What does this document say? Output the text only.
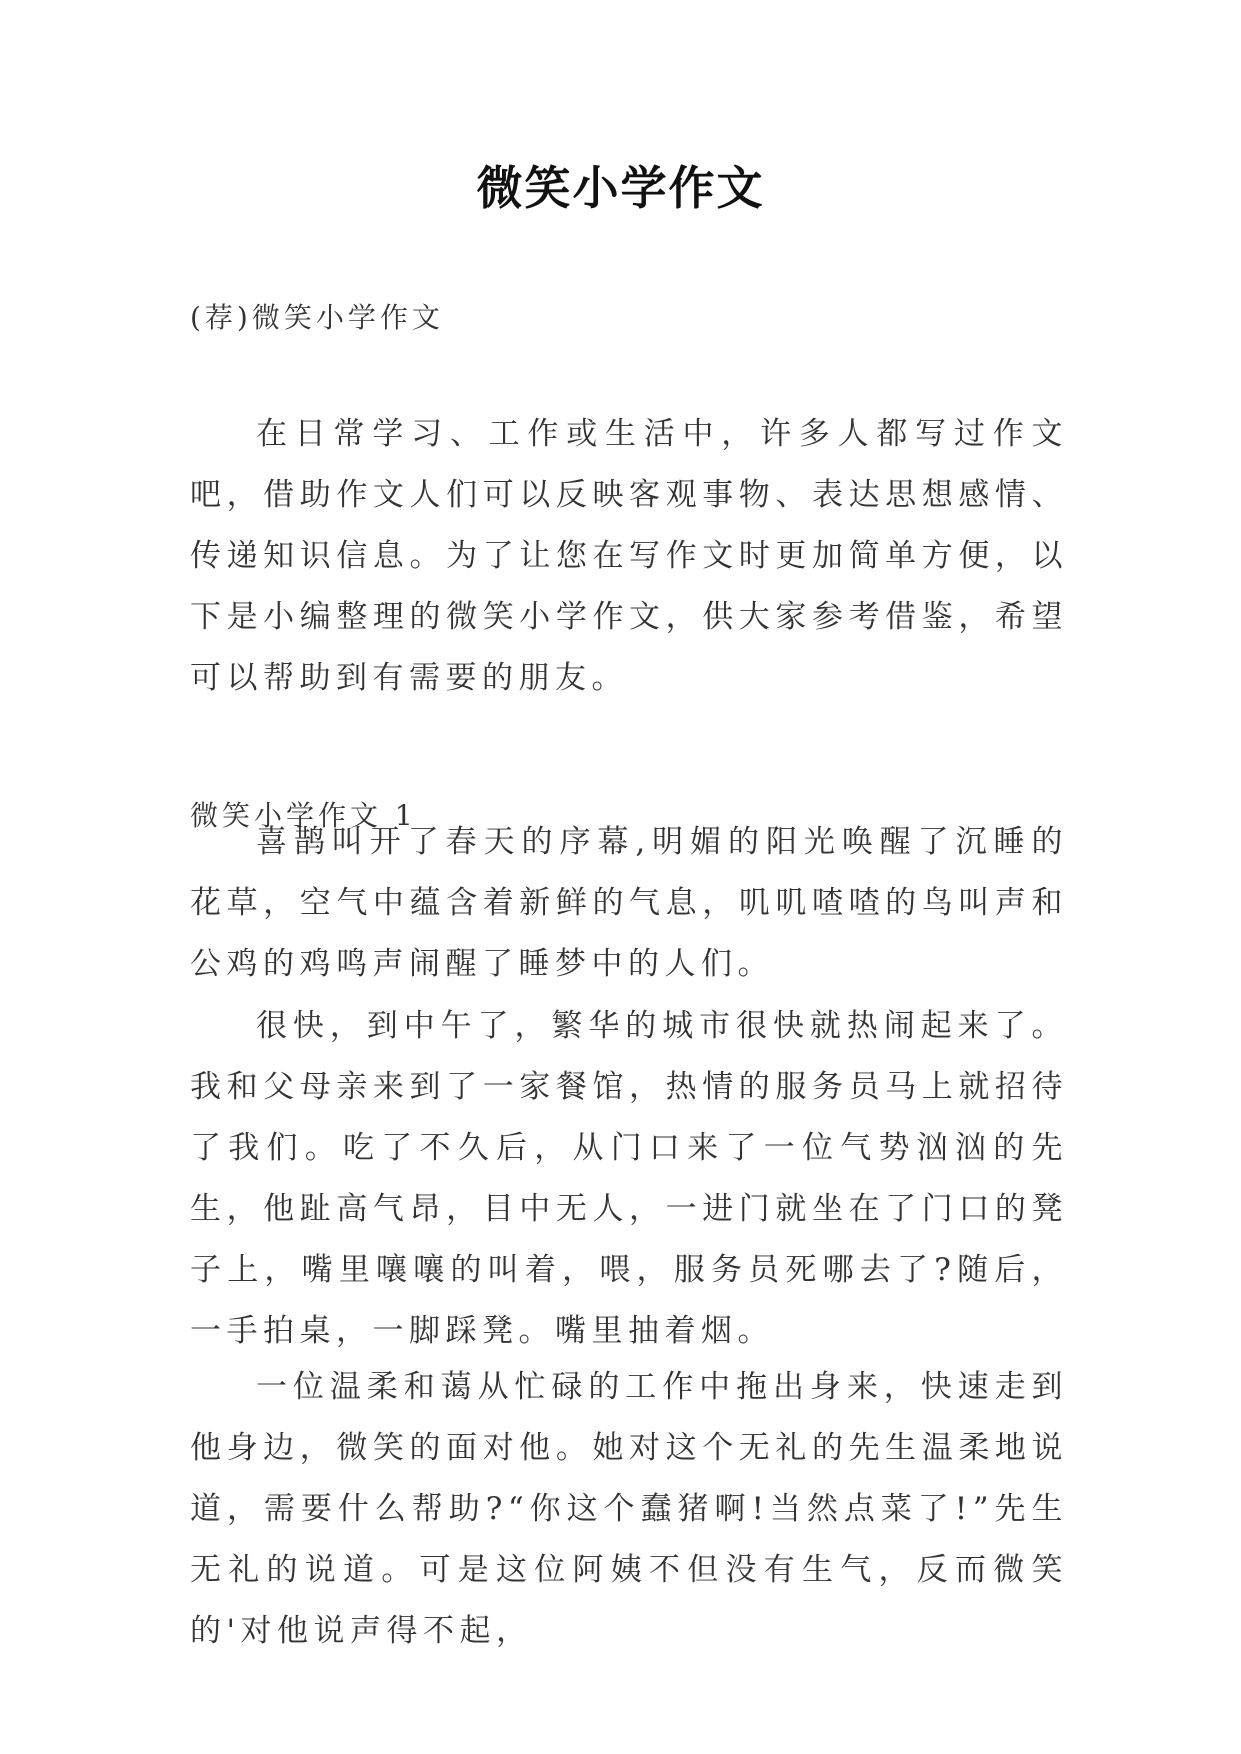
微笑小学作文

(荐)微笑小学作文

在日常学习、工作或生活中，许多人都写过作文吧，借助作文人们可以反映客观事物、表达思想感情、传递知识信息。为了让您在写作文时更加简单方便，以下是小编整理的微笑小学作文，供大家参考借鉴，希望可以帮助到有需要的朋友。

微笑小学作文 1

喜鹊叫开了春天的序幕,明媚的阳光唤醒了沉睡的花草，空气中蕴含着新鲜的气息，叽叽喳喳的鸟叫声和公鸡的鸡鸣声闹醒了睡梦中的人们。

很快，到中午了，繁华的城市很快就热闹起来了。我和父母亲来到了一家餐馆，热情的服务员马上就招待了我们。吃了不久后，从门口来了一位气势汹汹的先生，他趾高气昂，目中无人，一进门就坐在了门口的凳子上，嘴里嚷嚷的叫着，喂，服务员死哪去了?随后，一手拍桌，一脚踩凳。嘴里抽着烟。

一位温柔和蔼从忙碌的工作中拖出身来，快速走到他身边，微笑的面对他。她对这个无礼的先生温柔地说道，需要什么帮助?“你这个蠢猪啊!当然点菜了!”先生无礼的说道。可是这位阿姨不但没有生气，反而微笑的'对他说声得不起，
